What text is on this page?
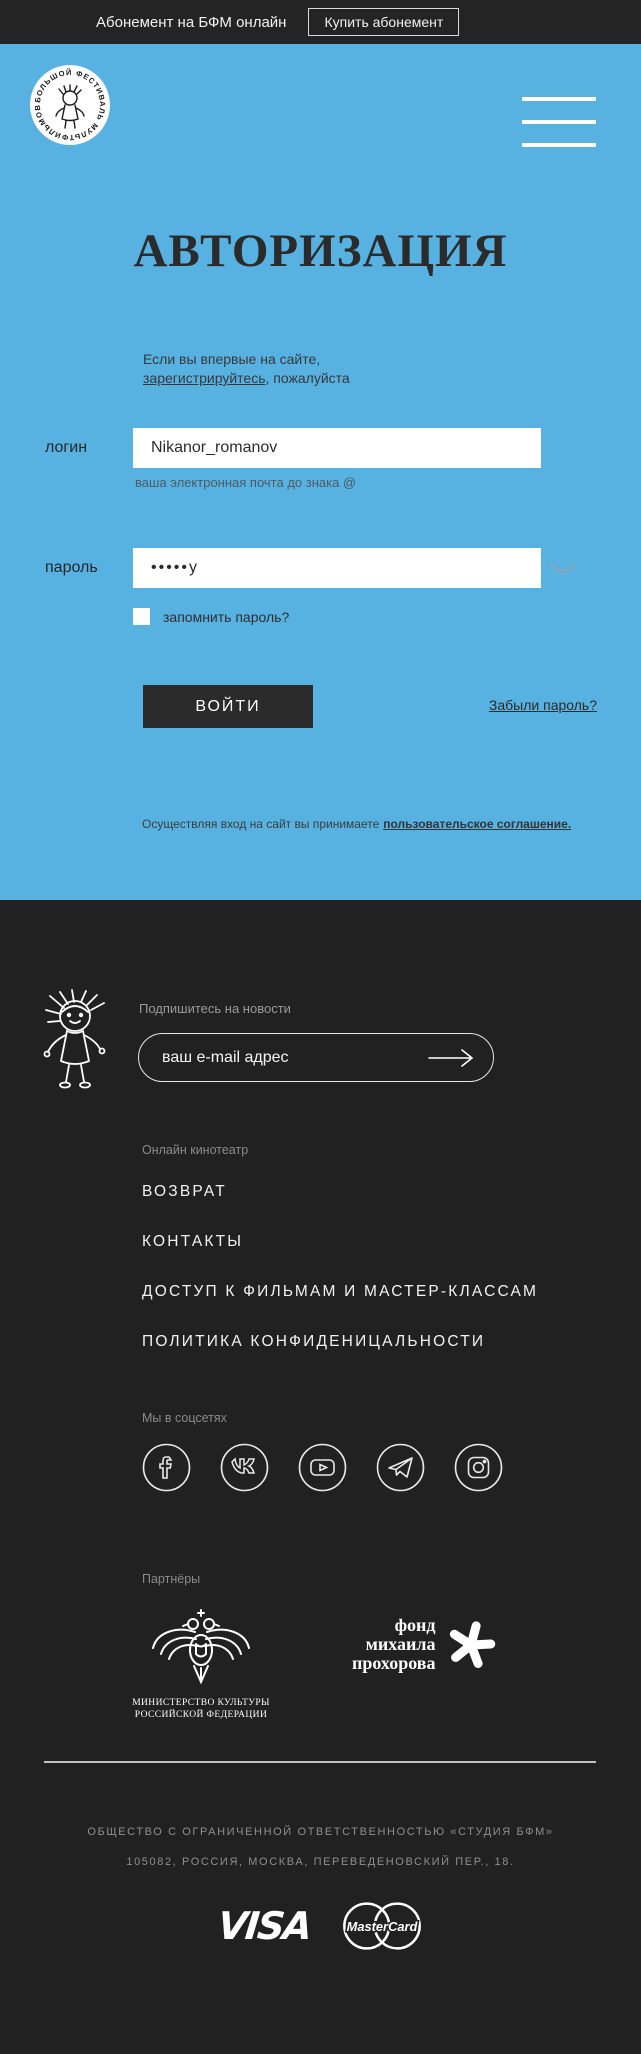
Абонемент на БФМ онлайн	Купить абонемент
БОЛЬШОЙ ФЕСТИВАЛЬ МУЛЬТФИЛЬМОВ
АВТОРИЗАЦИЯ

Если вы впервые на сайте,
зарегистрируйтесь, пожалуйста

логин
Nikanor_romanov
ваша электронная почта до знака @
пароль
•••••y
запомнить пароль?
ВОЙТИ	Забыли пароль?

Осуществляя вход на сайт вы принимаете пользовательское соглашение.

Подпишитесь на новости
ваш e-mail адрес
Онлайн кинотеатр
ВОЗВРАТ
КОНТАКТЫ
ДОСТУП К ФИЛЬМАМ И МАСТЕР-КЛАССАМ
ПОЛИТИКА КОНФИДЕНИЦАЛЬНОСТИ
Мы в соцсетях
Партнёры
МИНИСТЕРСТВО КУЛЬТУРЫ
РОССИЙСКОЙ ФЕДЕРАЦИИ
фонд
михаила
прохорова
ОБЩЕСТВО С ОГРАНИЧЕННОЙ ОТВЕТСТВЕННОСТЬЮ «СТУДИЯ БФМ»
105082, РОССИЯ, МОСКВА, ПЕРЕВЕДЕНОВСКИЙ ПЕР., 18.
VISA MasterCard
